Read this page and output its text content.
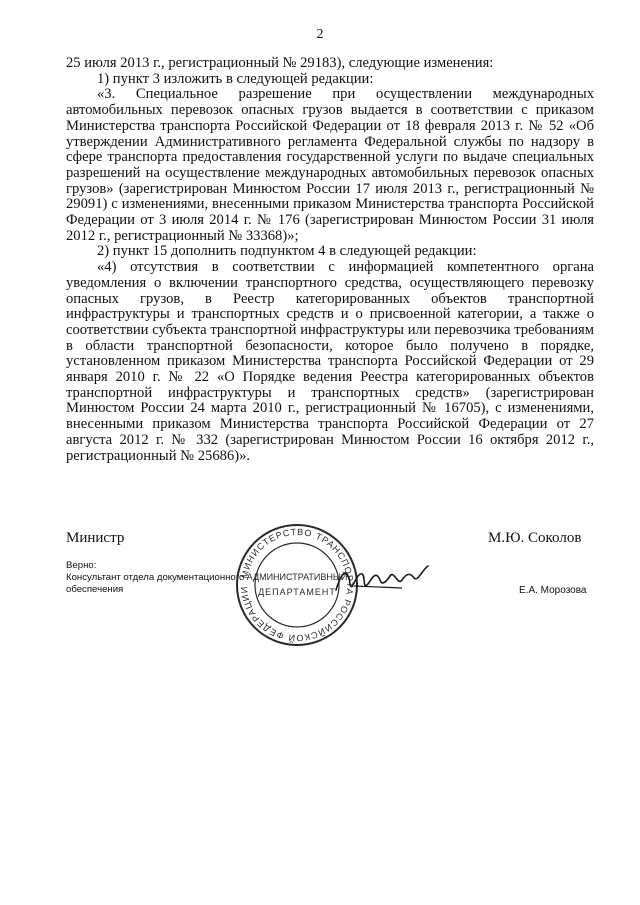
2

25 июля 2013 г., регистрационный № 29183), следующие изменения:

1) пункт 3 изложить в следующей редакции:

«3. Специальное разрешение при осуществлении международных автомобильных перевозок опасных грузов выдается в соответствии с приказом Министерства транспорта Российской Федерации от 18 февраля 2013 г. № 52 «Об утверждении Административного регламента Федеральной службы по надзору в сфере транспорта предоставления государственной услуги по выдаче специальных разрешений на осуществление международных автомобильных перевозок опасных грузов» (зарегистрирован Минюстом России 17 июля 2013 г., регистрационный № 29091) с изменениями, внесенными приказом Министерства транспорта Российской Федерации от 3 июля 2014 г. № 176 (зарегистрирован Минюстом России 31 июля 2012 г., регистрационный № 33368)»;

2) пункт 15 дополнить подпунктом 4 в следующей редакции:

«4) отсутствия в соответствии с информацией компетентного органа уведомления о включении транспортного средства, осуществляющего перевозку опасных грузов, в Реестр категорированных объектов транспортной инфраструктуры и транспортных средств и о присвоенной категории, а также о соответствии субъекта транспортной инфраструктуры или перевозчика требованиям в области транспортной безопасности, которое было получено в порядке, установленном приказом Министерства транспорта Российской Федерации от 29 января 2010 г. № 22 «О Порядке ведения Реестра категорированных объектов транспортной инфраструктуры и транспортных средств» (зарегистрирован Минюстом России 24 марта 2010 г., регистрационный № 16705), с изменениями, внесенными приказом Министерства транспорта Российской Федерации от 27 августа 2012 г. № 332 (зарегистрирован Минюстом России 16 октября 2012 г., регистрационный № 25686)».

Министр	М.Ю. Соколов
Верно:
Консультант отдела документационного
обеспечения	Е.А. Морозова
МИНИСТЕРСТВО ТРАНСПОРТА РОССИЙСКОЙ ФЕДЕРАЦИИ
АДМИНИСТРАТИВНЫЙ
ДЕПАРТАМЕНТ
